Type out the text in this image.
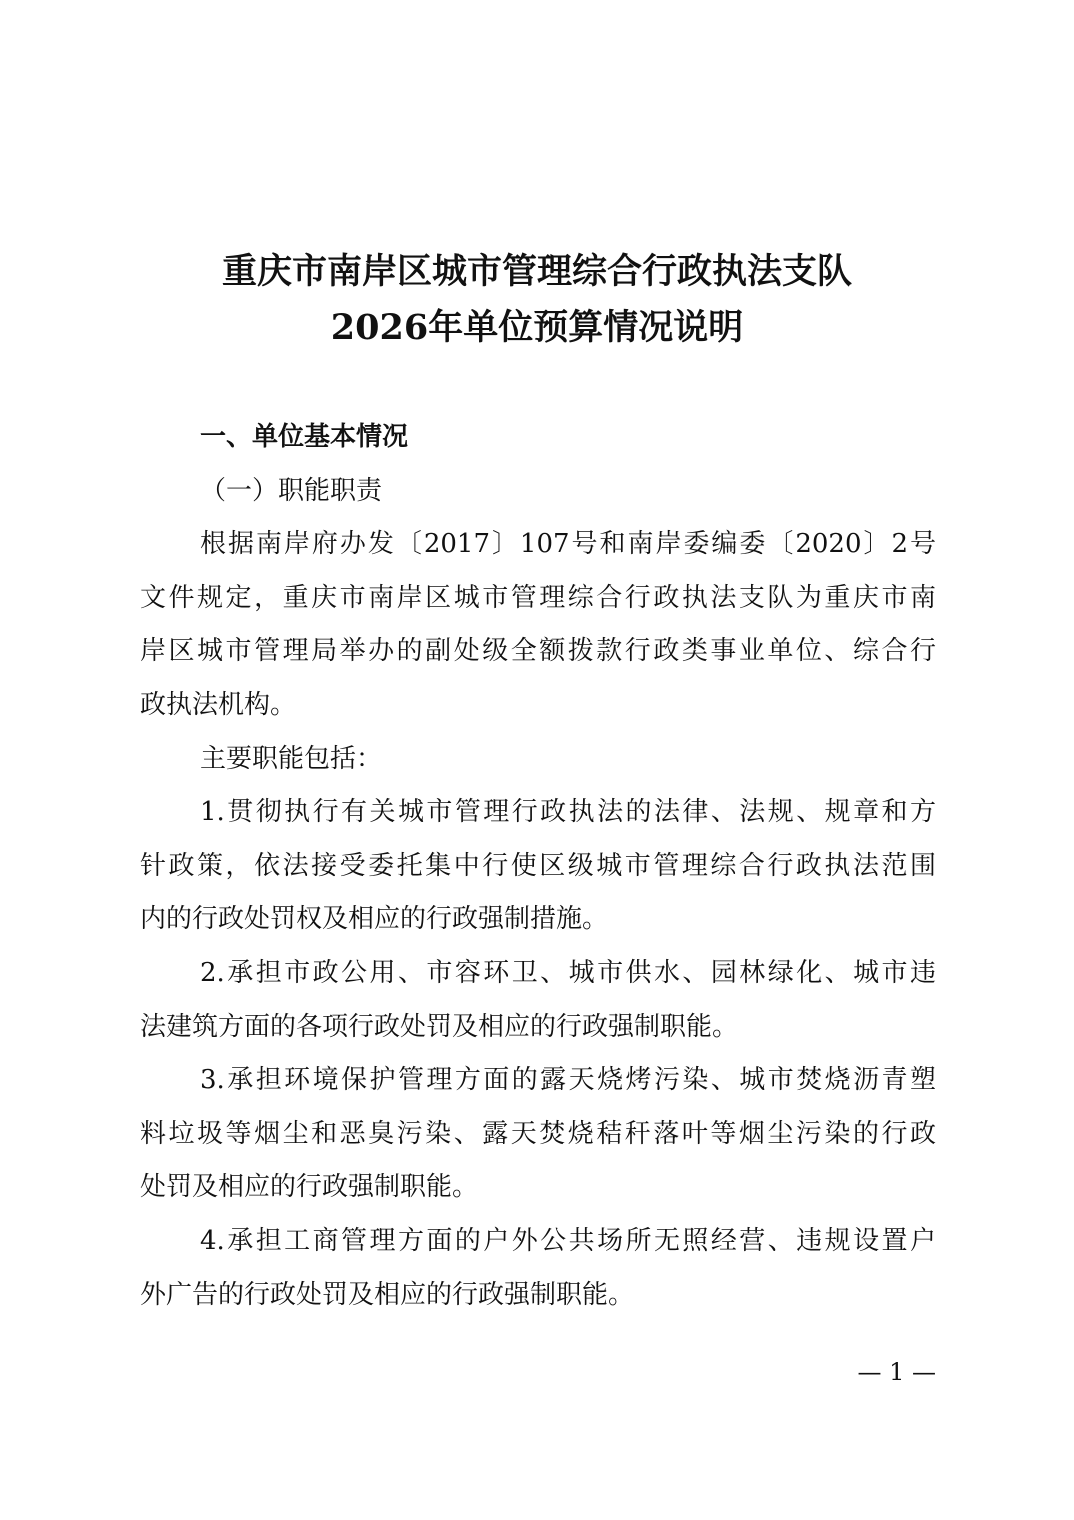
重庆市南岸区城市管理综合行政执法支队
2026年单位预算情况说明
一、单位基本情况
（一）职能职责
根据南岸府办发〔2017〕107号和南岸委编委〔2020〕2号
文件规定，重庆市南岸区城市管理综合行政执法支队为重庆市南
岸区城市管理局举办的副处级全额拨款行政类事业单位、综合行
政执法机构。
主要职能包括：
1.贯彻执行有关城市管理行政执法的法律、法规、规章和方
针政策，依法接受委托集中行使区级城市管理综合行政执法范围
内的行政处罚权及相应的行政强制措施。
2.承担市政公用、市容环卫、城市供水、园林绿化、城市违
法建筑方面的各项行政处罚及相应的行政强制职能。
3.承担环境保护管理方面的露天烧烤污染、城市焚烧沥青塑
料垃圾等烟尘和恶臭污染、露天焚烧秸秆落叶等烟尘污染的行政
处罚及相应的行政强制职能。
4.承担工商管理方面的户外公共场所无照经营、违规设置户
外广告的行政处罚及相应的行政强制职能。
— 1 —
